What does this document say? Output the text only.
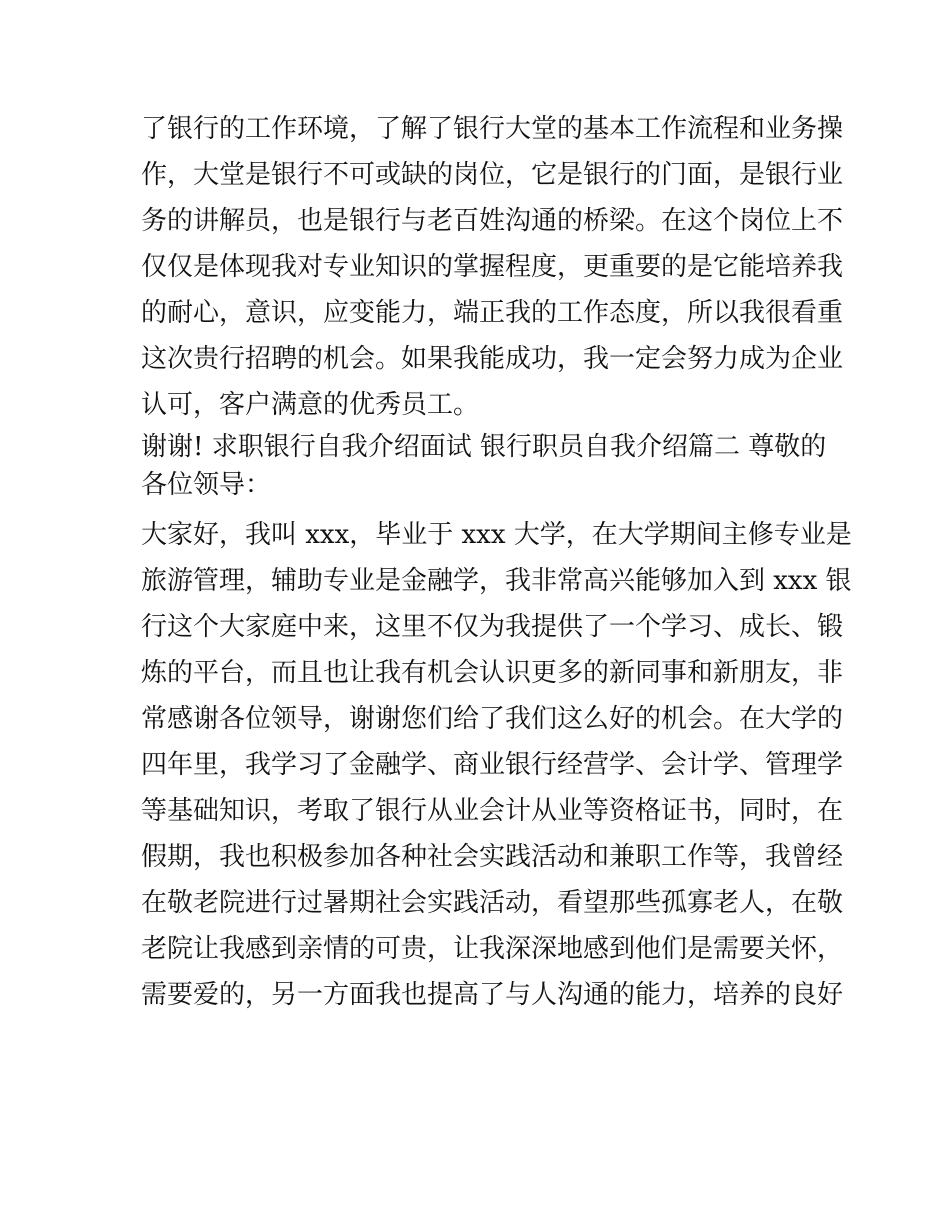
了银行的工作环境，了解了银行大堂的基本工作流程和业务操
作，大堂是银行不可或缺的岗位，它是银行的门面，是银行业
务的讲解员，也是银行与老百姓沟通的桥梁。在这个岗位上不
仅仅是体现我对专业知识的掌握程度，更重要的是它能培养我
的耐心，意识，应变能力，端正我的工作态度，所以我很看重
这次贵行招聘的机会。如果我能成功，我一定会努力成为企业
认可，客户满意的优秀员工。
谢谢! 求职银行自我介绍面试 银行职员自我介绍篇二 尊敬的
各位领导：
大家好，我叫 xxx，毕业于 xxx 大学，在大学期间主修专业是
旅游管理，辅助专业是金融学，我非常高兴能够加入到 xxx 银
行这个大家庭中来，这里不仅为我提供了一个学习、成长、锻
炼的平台，而且也让我有机会认识更多的新同事和新朋友，非
常感谢各位领导，谢谢您们给了我们这么好的机会。在大学的
四年里，我学习了金融学、商业银行经营学、会计学、管理学
等基础知识，考取了银行从业会计从业等资格证书，同时，在
假期，我也积极参加各种社会实践活动和兼职工作等，我曾经
在敬老院进行过暑期社会实践活动，看望那些孤寡老人，在敬
老院让我感到亲情的可贵，让我深深地感到他们是需要关怀，
需要爱的，另一方面我也提高了与人沟通的能力，培养的良好
